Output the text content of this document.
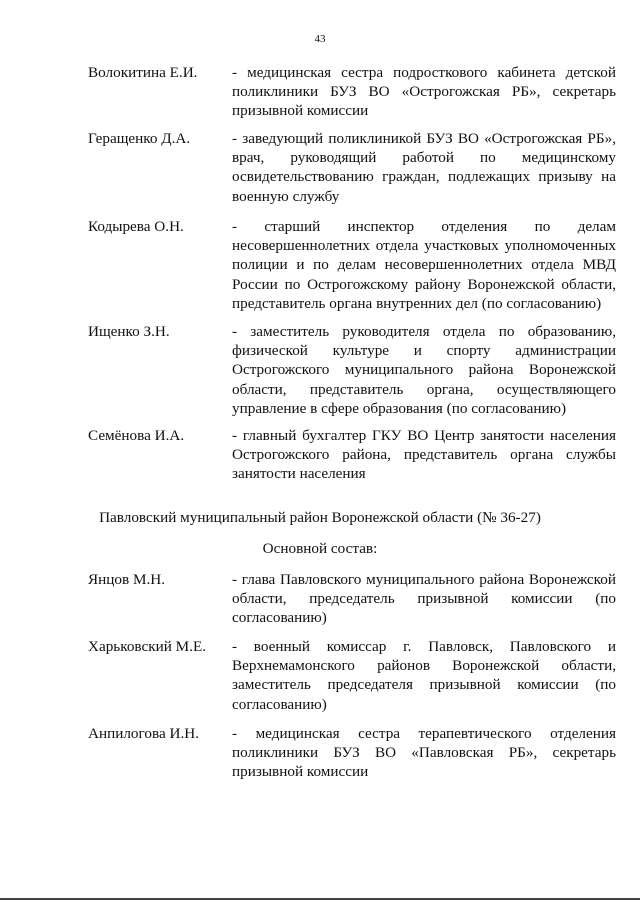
43
Волокитина Е.И.	- медицинская сестра подросткового кабинета детской поликлиники БУЗ ВО «Острогожская РБ», секретарь призывной комиссии
Геращенко Д.А.	- заведующий поликлиникой БУЗ ВО «Острогожская РБ», врач, руководящий работой по медицинскому освидетельствованию граждан, подлежащих призыву на военную службу
Кодырева О.Н.	- старший инспектор отделения по делам несовершеннолетних отдела участковых уполномоченных полиции и по делам несовершеннолетних отдела МВД России по Острогожскому району Воронежской области, представитель органа внутренних дел (по согласованию)
Ищенко З.Н.	- заместитель руководителя отдела по образованию, физической культуре и спорту администрации Острогожского муниципального района Воронежской области, представитель органа, осуществляющего управление в сфере образования (по согласованию)
Семёнова И.А.	- главный бухгалтер ГКУ ВО Центр занятости населения Острогожского района, представитель органа службы занятости населения
Павловский муниципальный район Воронежской области (№ 36-27)
Основной состав:
Янцов М.Н.	- глава Павловского муниципального района Воронежской области, председатель призывной комиссии (по согласованию)
Харьковский М.Е.	- военный комиссар г. Павловск, Павловского и Верхнемамонского районов Воронежской области, заместитель председателя призывной комиссии (по согласованию)
Анпилогова И.Н.	- медицинская сестра терапевтического отделения поликлиники БУЗ ВО «Павловская РБ», секретарь призывной комиссии
